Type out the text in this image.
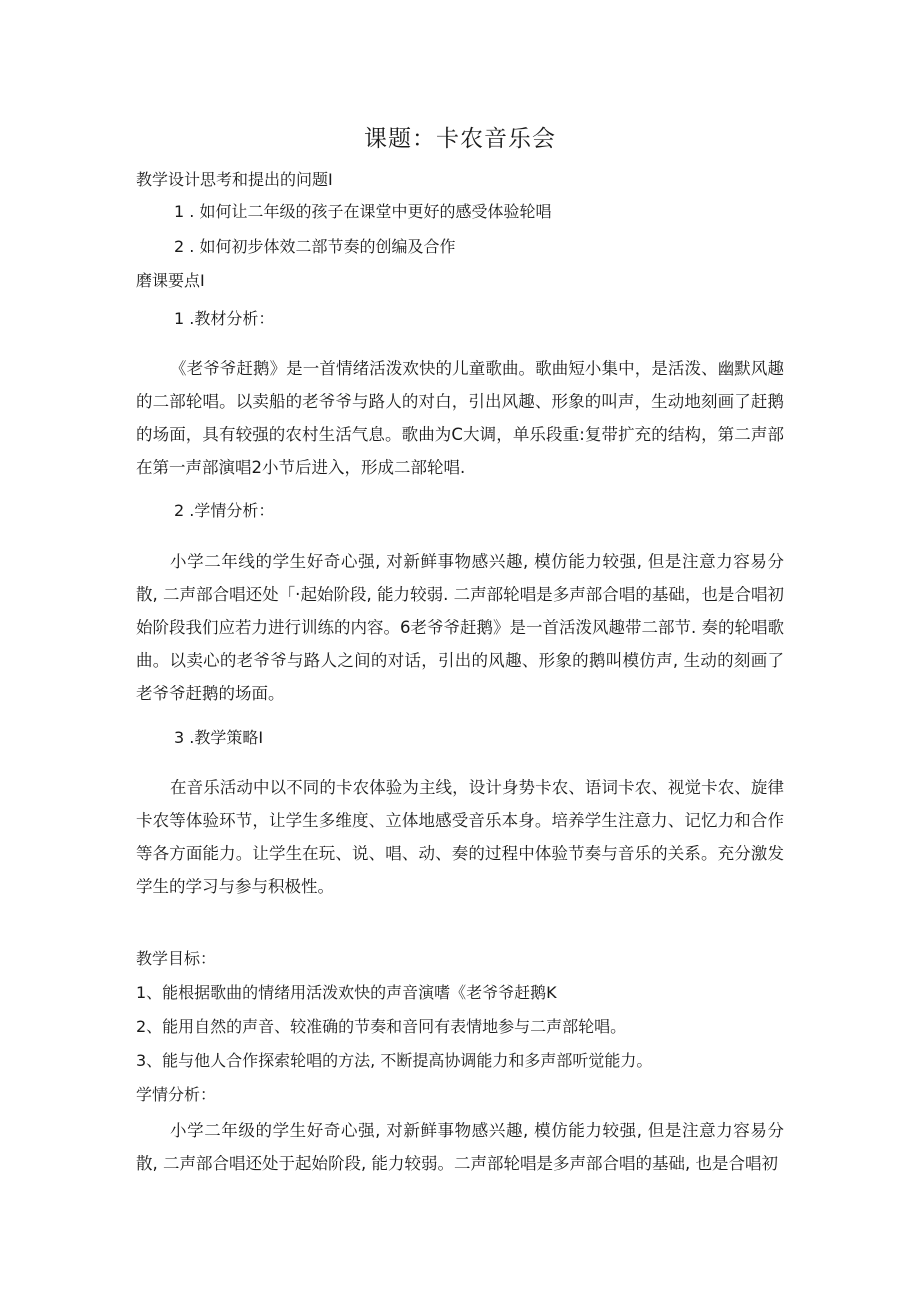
课题：卡农音乐会
教学设计思考和提出的问题I
1 . 如何让二年级的孩子在课堂中更好的感受体验轮唱
2 . 如何初步体效二部节奏的创编及合作
磨课要点I
1 .教材分析：
《老爷爷赶鹅》是一首情绪活泼欢快的儿童歌曲。歌曲短小集中，是活泼、幽默风趣的二部轮唱。以卖船的老爷爷与路人的对白，引出风趣、形象的叫声，生动地刻画了赶鹅的场面，具有较强的农村生活气息。歌曲为C大调，单乐段重:复带扩充的结构，第二声部在第一声部演唱2小节后进入，形成二部轮唱.
2 .学情分析：
小学二年线的学生好奇心强, 对新鲜事物感兴趣, 模仿能力较强, 但是注意力容易分散, 二声部合唱还处「·起始阶段, 能力较弱. 二声部轮唱是多声部合唱的基础，也是合唱初始阶段我们应若力进行训练的内容。6老爷爷赶鹅》是一首活泼风趣带二部节. 奏的轮唱歌曲。以卖心的老爷爷与路人之间的对话，引出的风趣、形象的鹅叫模仿声, 生动的刻画了老爷爷赶鹅的场面。
3 .教学策略I
在音乐活动中以不同的卡农体验为主线，设计身势卡农、语词卡农、视觉卡农、旋律卡农等体验环节，让学生多维度、立体地感受音乐本身。培养学生注意力、记忆力和合作等各方面能力。让学生在玩、说、唱、动、奏的过程中体验节奏与音乐的关系。充分激发学生的学习与参与积极性。
教学目标：
1、能根据歌曲的情绪用活泼欢快的声音演嗜《老爷爷赶鹅K
2、能用自然的声音、较准确的节奏和音冋有表情地参与二声部轮唱。
3、能与他人合作探索轮唱的方法, 不断提高协调能力和多声部听觉能力。
学情分析：
小学二年级的学生好奇心强, 对新鲜事物感兴趣, 模仿能力较强, 但是注意力容易分散, 二声部合唱还处于起始阶段, 能力较弱。二声部轮唱是多声部合唱的基础, 也是合唱初
